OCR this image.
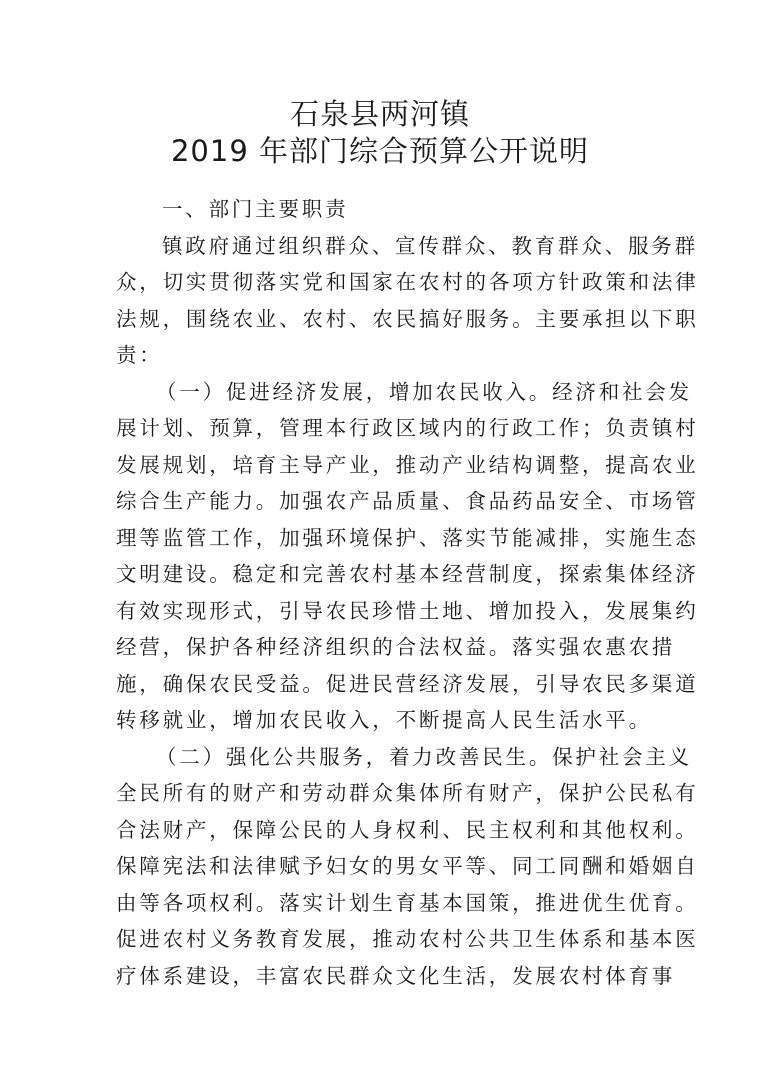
石泉县两河镇
2019 年部门综合预算公开说明
一、部门主要职责
镇政府通过组织群众、宣传群众、教育群众、服务群
众，切实贯彻落实党和国家在农村的各项方针政策和法律
法规，围绕农业、农村、农民搞好服务。主要承担以下职
责：
（一）促进经济发展，增加农民收入。经济和社会发
展计划、预算，管理本行政区域内的行政工作；负责镇村
发展规划，培育主导产业，推动产业结构调整，提高农业
综合生产能力。加强农产品质量、食品药品安全、市场管
理等监管工作，加强环境保护、落实节能减排，实施生态
文明建设。稳定和完善农村基本经营制度，探索集体经济
有效实现形式，引导农民珍惜土地、增加投入，发展集约
经营，保护各种经济组织的合法权益。落实强农惠农措
施，确保农民受益。促进民营经济发展，引导农民多渠道
转移就业，增加农民收入，不断提高人民生活水平。
（二）强化公共服务，着力改善民生。保护社会主义
全民所有的财产和劳动群众集体所有财产，保护公民私有
合法财产，保障公民的人身权利、民主权利和其他权利。
保障宪法和法律赋予妇女的男女平等、同工同酬和婚姻自
由等各项权利。落实计划生育基本国策，推进优生优育。
促进农村义务教育发展，推动农村公共卫生体系和基本医
疗体系建设，丰富农民群众文化生活，发展农村体育事
